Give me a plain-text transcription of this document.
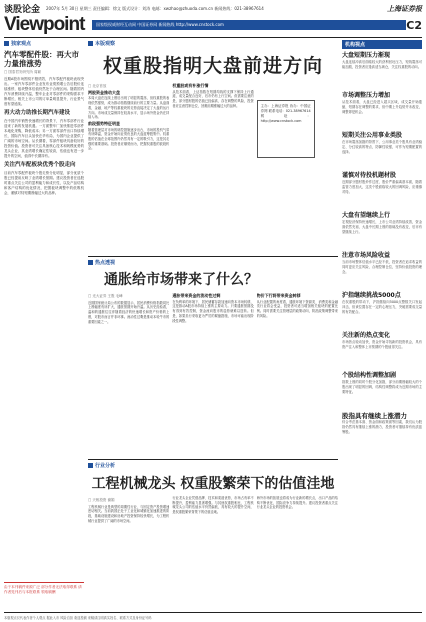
谈股论金	2007年 5月 30日 星期三 责任编辑：徐文 版式设计：刘涛 电邮：xwzhao@zhuoda.com.cn 新闻热线：021-38967614	上海证券报
Viewpoint	国家级权威财经互动网 中国证券网 新闻热线 http://www.cnstock.com	C2
独家观点
汽车零配件股：再大市力量推涨势
□ 国泰君安研究所 周颖
近期A股市场围绕不错绩效，汽车零配件板块表现突出。一家汽车零部件企业发布业绩预增公告后股价连续涨停，板块整体估值仍然处于合理区间。随着国内汽车消费持续升温，整车企业对零部件的采购需求不断增长，相关上市公司的订单量明显提升，行业景气度有望延续。
再大动力助推长期汽车建设
在中国汽车销售快速增长的背景下，汽车零部件行业迎来了新的发展机遇。一方面整车厂加快推进零部件本地化采购，降低成本；另一方面零部件出口持续增长，国际汽车巨头加快在华布局，为国内企业提供了广阔的市场空间。从长期看，零部件板块具备较好的投资价值。投资者可关注具备核心技术和规模优势的龙头企业，其业绩增长确定性较高，估值也有进一步提升的空间，值得中长期持有。
关注汽车配板块优秀个股走向
目前汽车零配件板块个股走势分化明显，部分优质个股已经提前反映了业绩增长预期。建议投资者在选股时重点关注公司的盈利能力和成长性，以及产品结构和客户结构的优化情况，把握板块调整中的低吸机会，谨慎对待短期涨幅过大的品种。
由于本刊稿件来源广泛 部分作者无法取得联系 请作者见刊后与本报联系 领取稿酬
本版观察
权重股指明大盘前进方向
□ 北京首放
两股资金推动大盘
本周大盘在连续上涨后出现了明显的震荡，但权重股的表现依然强势，成为推动指数继续前行的主要力量。从盘面看，金融、地产等权重板块的走势直接决定了大盘的运行方向。市场成交量保持在较高水平，显示场外资金仍在持续入场。
前段强势特征明显
随着管理层对市场的调控措施逐步出台，市场的投机气氛有所降温，资金开始向业绩优良的大盘蓝筹股集中。权重股的估值在全球范围内仍然具有一定的吸引力，这是其走强的重要基础。投资者应顺势而为，把握权重股的波段机会。
权重股或有补涨行情
从技术面看，上证指数在短期均线的支撑下保持上行通道，成交量配合良好，后市仍有上行空间。但需要注意的是，部分题材股的估值已经偏高，存在调整的风险，投资者应注意控制仓位，回避前期涨幅过大的品种。	主办：上海证券报 协办：中国证券网 联系电话：021-38967614 网址：http://www.cnstock.com
热点透视
通胀给市场带来了什么？
□ 光大证券 王胜 毛峰
近期国家统计局公布的数据显示，居民消费价格指数同比上涨幅度有所扩大，通胀预期开始升温。从历史经验看，温和的通胀往往伴随着经济的快速增长和资产价格的上涨，对股市而言并非坏事。流动性过剩是推动本轮牛市的重要因素之一。
通胀带来资金的流动性过剩
在负利率的环境下，居民储蓄存款加速向资本市场转移，这是推动A股市场持续上涨的主要动力。只要通胀预期没有得到有效控制，资金流向股市的趋势就难以逆转。但是，如果央行采取更为严厉的紧缩措施，市场可能出现阶段性调整。
物价下行将带来资金转移
从行业配置的角度看，通胀环境下资源类、消费类和金融类行业将会受益，投资者可适当增加相关板块的配置比例。同时需要关注管理层的政策动向，防范政策调整带来的风险。
行业分析
工程机械龙头 权重股繁荣下的估值洼地
□ 天相投资 谢娟
工程机械行业是典型的周期性行业，与固定资产投资增速密切相关。当前我国正处于工业化和城镇化加速推进的阶段，基础设施建设和房地产投资保持较快增长，为工程机械行业提供了广阔的市场空间。
行业龙头企业凭借品牌、技术和渠道优势，市场占有率不断提升，盈利能力显著增强。与其他权重股相比，工程机械龙头公司的估值水平仍然偏低，具有较大的提升空间，是权重股繁荣背景下的估值洼地。
海外市场的拓展也将成为行业新的增长点，出口产品的结构不断优化，国际竞争力持续提升。建议投资者重点关注行业龙头企业的投资机会。
机构视点
大盘短期压力渐现
大盘连续冲高后面临较大的获利回吐压力，短线震荡可能加剧，投资者应逢高适当减仓，关注权重股的动向。
市场调整压力增加
从技术面看，大盘已经进入超买区域，成交量开始萎缩，短期存在调整的要求，但中期上升趋势并未改变，调整即是机会。
短期关注公用事业类股
在市场震荡加剧的背景下，公用事业类个股具有业绩稳定、分红较高的特点，防御性较强，可作为短期配置的选择。
谨慎对待投机题材股
近期部分题材股炒作过度，股价严重偏离基本面，随着监管力度加大，这类个股面临较大的回调风险，应谨慎对待。
大盘有望继续上行
宏观经济保持快速增长，上市公司业绩持续改善，资金面依然充裕，大盘中长期上涨的基础没有改变，后市有望继续上行。
注意市场风险收益
当前市场整体估值水平已经不低，投资者在追求收益的同时更应关注风险，合理控制仓位，坚持价值投资的理念。
沪指继续挑战5000点
在权重股的带动下，沪指继续向5000点整数关口发起冲击，但该位置存在一定的心理压力，突破需要成交量的有效配合。
关注新的热点变化
市场热点轮动加快，资金开始寻找新的投资机会，具有资产注入和整体上市预期的个股值得关注。
个股结构性调整加剧
指数上涨的同时个股分化加剧，部分前期涨幅较大的个股出现了明显的回调，结构性调整将成为近期市场的主要特征。
股指具有继续上涨潜力
综合考虑基本面、资金面和政策面等因素，我们认为股指仍然具有继续上涨的潜力，投资者可继续持有优质蓝筹股。
本版观点仅代表作者个人观点 据此入市 风险自担 欢迎投稿 来稿请注明真实姓名、联系方式及身份证号码
